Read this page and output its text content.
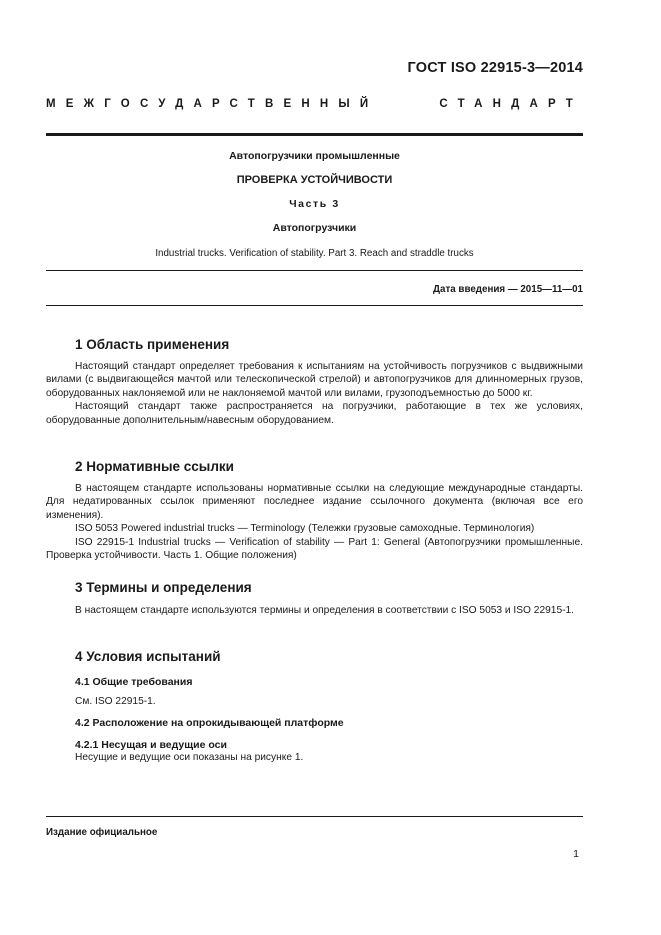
ГОСТ ISO 22915-3—2014
МЕЖГОСУДАРСТВЕННЫЙ	СТАНДАРТ
Автопогрузчики промышленные
ПРОВЕРКА УСТОЙЧИВОСТИ
Часть 3
Автопогрузчики
Industrial trucks. Verification of stability. Part 3. Reach and straddle trucks
Дата введения — 2015—11—01
1 Область применения

Настоящий стандарт определяет требования к испытаниям на устойчивость погрузчиков с выдвижными вилами (с выдвигающейся мачтой или телескопической стрелой) и автопогрузчиков для длинномерных грузов, оборудованных наклоняемой или не наклоняемой мачтой или вилами, грузоподъемностью до 5000 кг.

Настоящий стандарт также распространяется на погрузчики, работающие в тех же условиях, оборудованные дополнительным/навесным оборудованием.

2 Нормативные ссылки

В настоящем стандарте использованы нормативные ссылки на следующие международные стандарты. Для недатированных ссылок применяют последнее издание ссылочного документа (включая все его изменения).

ISO 5053 Powered industrial trucks — Terminology (Тележки грузовые самоходные. Терминология)

ISO 22915-1 Industrial trucks — Verification of stability — Part 1: General (Автопогрузчики промышленные. Проверка устойчивости. Часть 1. Общие положения)

3 Термины и определения

В настоящем стандарте используются термины и определения в соответствии с ISO 5053 и ISO 22915-1.

4 Условия испытаний
4.1 Общие требования
См. ISO 22915-1.
4.2 Расположение на опрокидывающей платформе
4.2.1 Несущая и ведущие оси
Несущие и ведущие оси показаны на рисунке 1.
Издание официальное
1
